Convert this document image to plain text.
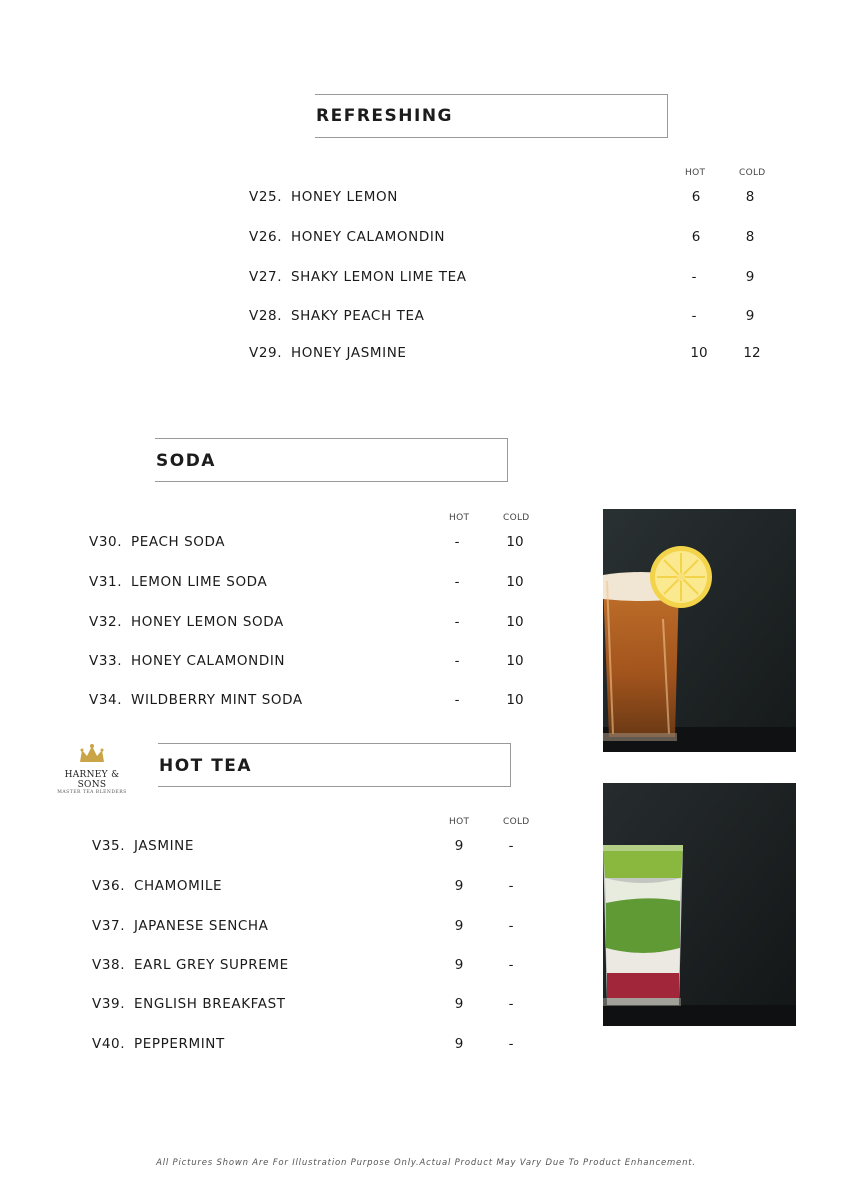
REFRESHING
HOT	COLD
V25. HONEY LEMON	6	8
V26. HONEY CALAMONDIN	6	8
V27. SHAKY LEMON LIME TEA	-	9
V28. SHAKY PEACH TEA	-	9
V29. HONEY JASMINE	10	12
SODA
HOT	COLD
V30. PEACH SODA	-	10
V31. LEMON LIME SODA	-	10
V32. HONEY LEMON SODA	-	10
V33. HONEY CALAMONDIN	-	10
V34. WILDBERRY MINT SODA	-	10
HARNEY & SONS
MASTER TEA BLENDERS
HOT TEA
HOT	COLD
V35. JASMINE	9	-
V36. CHAMOMILE	9	-
V37. JAPANESE SENCHA	9	-
V38. EARL GREY SUPREME	9	-
V39. ENGLISH BREAKFAST	9	-
V40. PEPPERMINT	9	-
All Pictures Shown Are For Illustration Purpose Only.Actual Product May Vary Due To Product Enhancement.
